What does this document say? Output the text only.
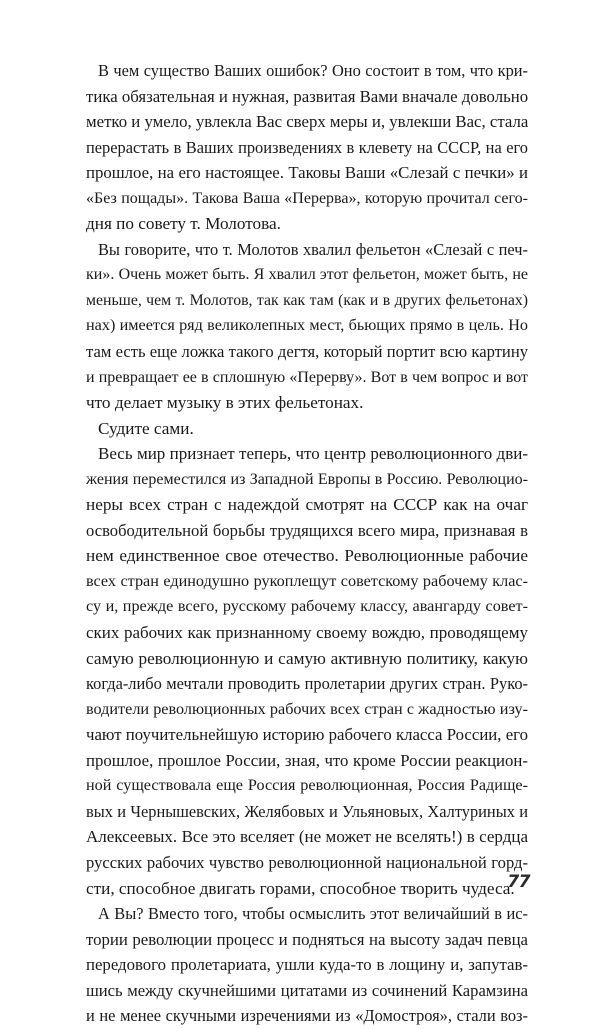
В чем существо Ваших ошибок? Оно состоит в том, что кри-
тика обязательная и нужная, развитая Вами вначале довольно
метко и умело, увлекла Вас сверх меры и, увлекши Вас, стала
перерастать в Ваших произведениях в клевету на СССР, на его
прошлое, на его настоящее. Таковы Ваши «Слезай с печки» и
«Без пощады». Такова Ваша «Перерва», которую прочитал сего-
дня по совету т. Молотова.
Вы говорите, что т. Молотов хвалил фельетон «Слезай с печ-
ки». Очень может быть. Я хвалил этот фельетон, может быть, не
меньше, чем т. Молотов, так как там (как и в других фельетонах)
нах) имеется ряд великолепных мест, бьющих прямо в цель. Но
там есть еще ложка такого дегтя, который портит всю картину
и превращает ее в сплошную «Перерву». Вот в чем вопрос и вот
что делает музыку в этих фельетонах.
Судите сами.
Весь мир признает теперь, что центр революционного дви-
жения переместился из Западной Европы в Россию. Революцио-
неры всех стран с надеждой смотрят на СССР как на очаг
освободительной борьбы трудящихся всего мира, признавая в
нем единственное свое отечество. Революционные рабочие
всех стран единодушно рукоплещут советскому рабочему клас-
су и, прежде всего, русскому рабочему классу, авангарду совет-
ских рабочих как признанному своему вождю, проводящему
самую революционную и самую активную политику, какую
когда-либо мечтали проводить пролетарии других стран. Руко-
водители революционных рабочих всех стран с жадностью изу-
чают поучительнейшую историю рабочего класса России, его
прошлое, прошлое России, зная, что кроме России реакцион-
ной существовала еще Россия революционная, Россия Радище-
вых и Чернышевских, Желябовых и Ульяновых, Халтуриных и
Алексеевых. Все это вселяет (не может не вселять!) в сердца
русских рабочих чувство революционной национальной горд-
сти, способное двигать горами, способное творить чудеса.
А Вы? Вместо того, чтобы осмыслить этот величайший в ис-
тории революции процесс и подняться на высоту задач певца
передового пролетариата, ушли куда-то в лощину и, запутав-
шись между скучнейшими цитатами из сочинений Карамзина
и не менее скучными изречениями из «Домостроя», стали воз-
77
